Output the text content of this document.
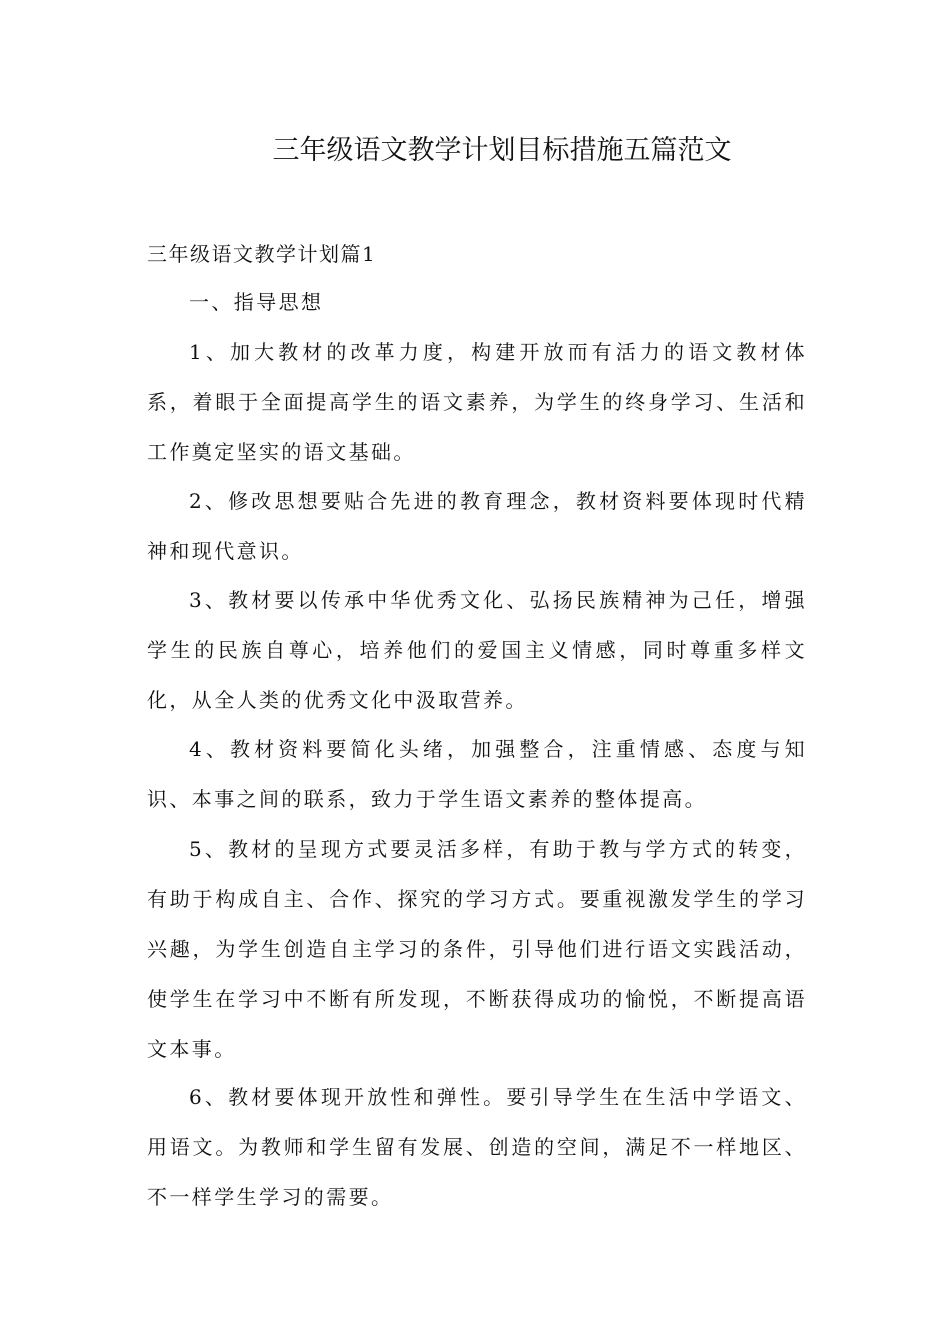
三年级语文教学计划目标措施五篇范文

三年级语文教学计划篇1

一、指导思想

1、加大教材的改革力度，构建开放而有活力的语文教材体系，着眼于全面提高学生的语文素养，为学生的终身学习、生活和工作奠定坚实的语文基础。

2、修改思想要贴合先进的教育理念，教材资料要体现时代精神和现代意识。

3、教材要以传承中华优秀文化、弘扬民族精神为己任，增强学生的民族自尊心，培养他们的爱国主义情感，同时尊重多样文化，从全人类的优秀文化中汲取营养。

4、教材资料要简化头绪，加强整合，注重情感、态度与知识、本事之间的联系，致力于学生语文素养的整体提高。

5、教材的呈现方式要灵活多样，有助于教与学方式的转变，有助于构成自主、合作、探究的学习方式。要重视激发学生的学习兴趣，为学生创造自主学习的条件，引导他们进行语文实践活动，使学生在学习中不断有所发现，不断获得成功的愉悦，不断提高语文本事。

6、教材要体现开放性和弹性。要引导学生在生活中学语文、用语文。为教师和学生留有发展、创造的空间，满足不一样地区、不一样学生学习的需要。
